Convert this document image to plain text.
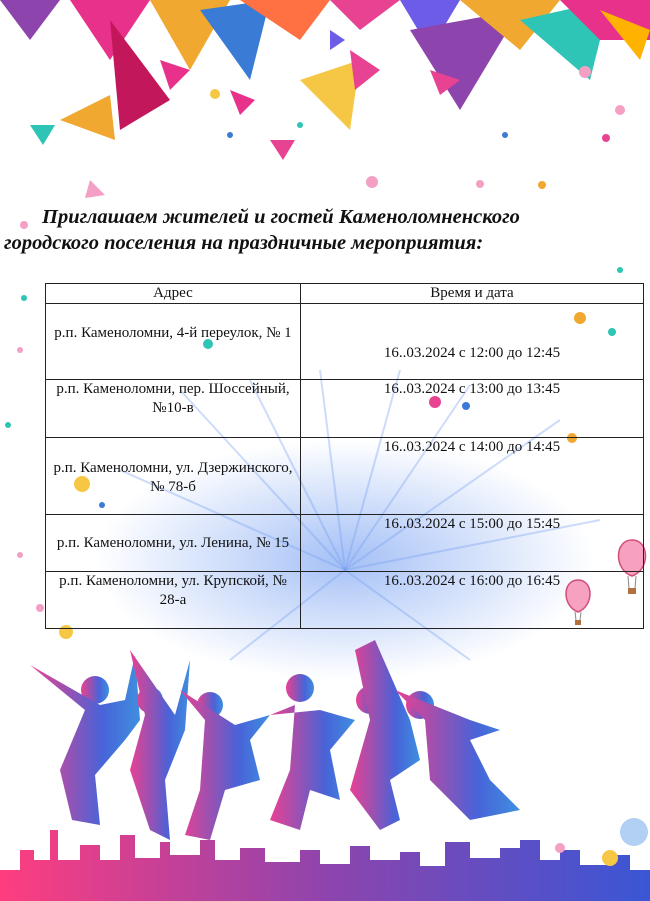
Приглашаем жителей и гостей Каменоломненского
городского поселения на праздничные мероприятия:
Адрес	Время и дата
р.п. Каменоломни, 4-й переулок, № 1	16..03.2024 с 12:00 до 12:45
р.п. Каменоломни, пер. Шоссейный, №10-в	16..03.2024 с 13:00 до 13:45
р.п. Каменоломни, ул. Дзержинского, № 78-б	16..03.2024 с 14:00 до 14:45
р.п. Каменоломни, ул. Ленина, № 15	16..03.2024 с 15:00 до 15:45
р.п. Каменоломни, ул. Крупской, № 28-а	16..03.2024 с 16:00 до 16:45
